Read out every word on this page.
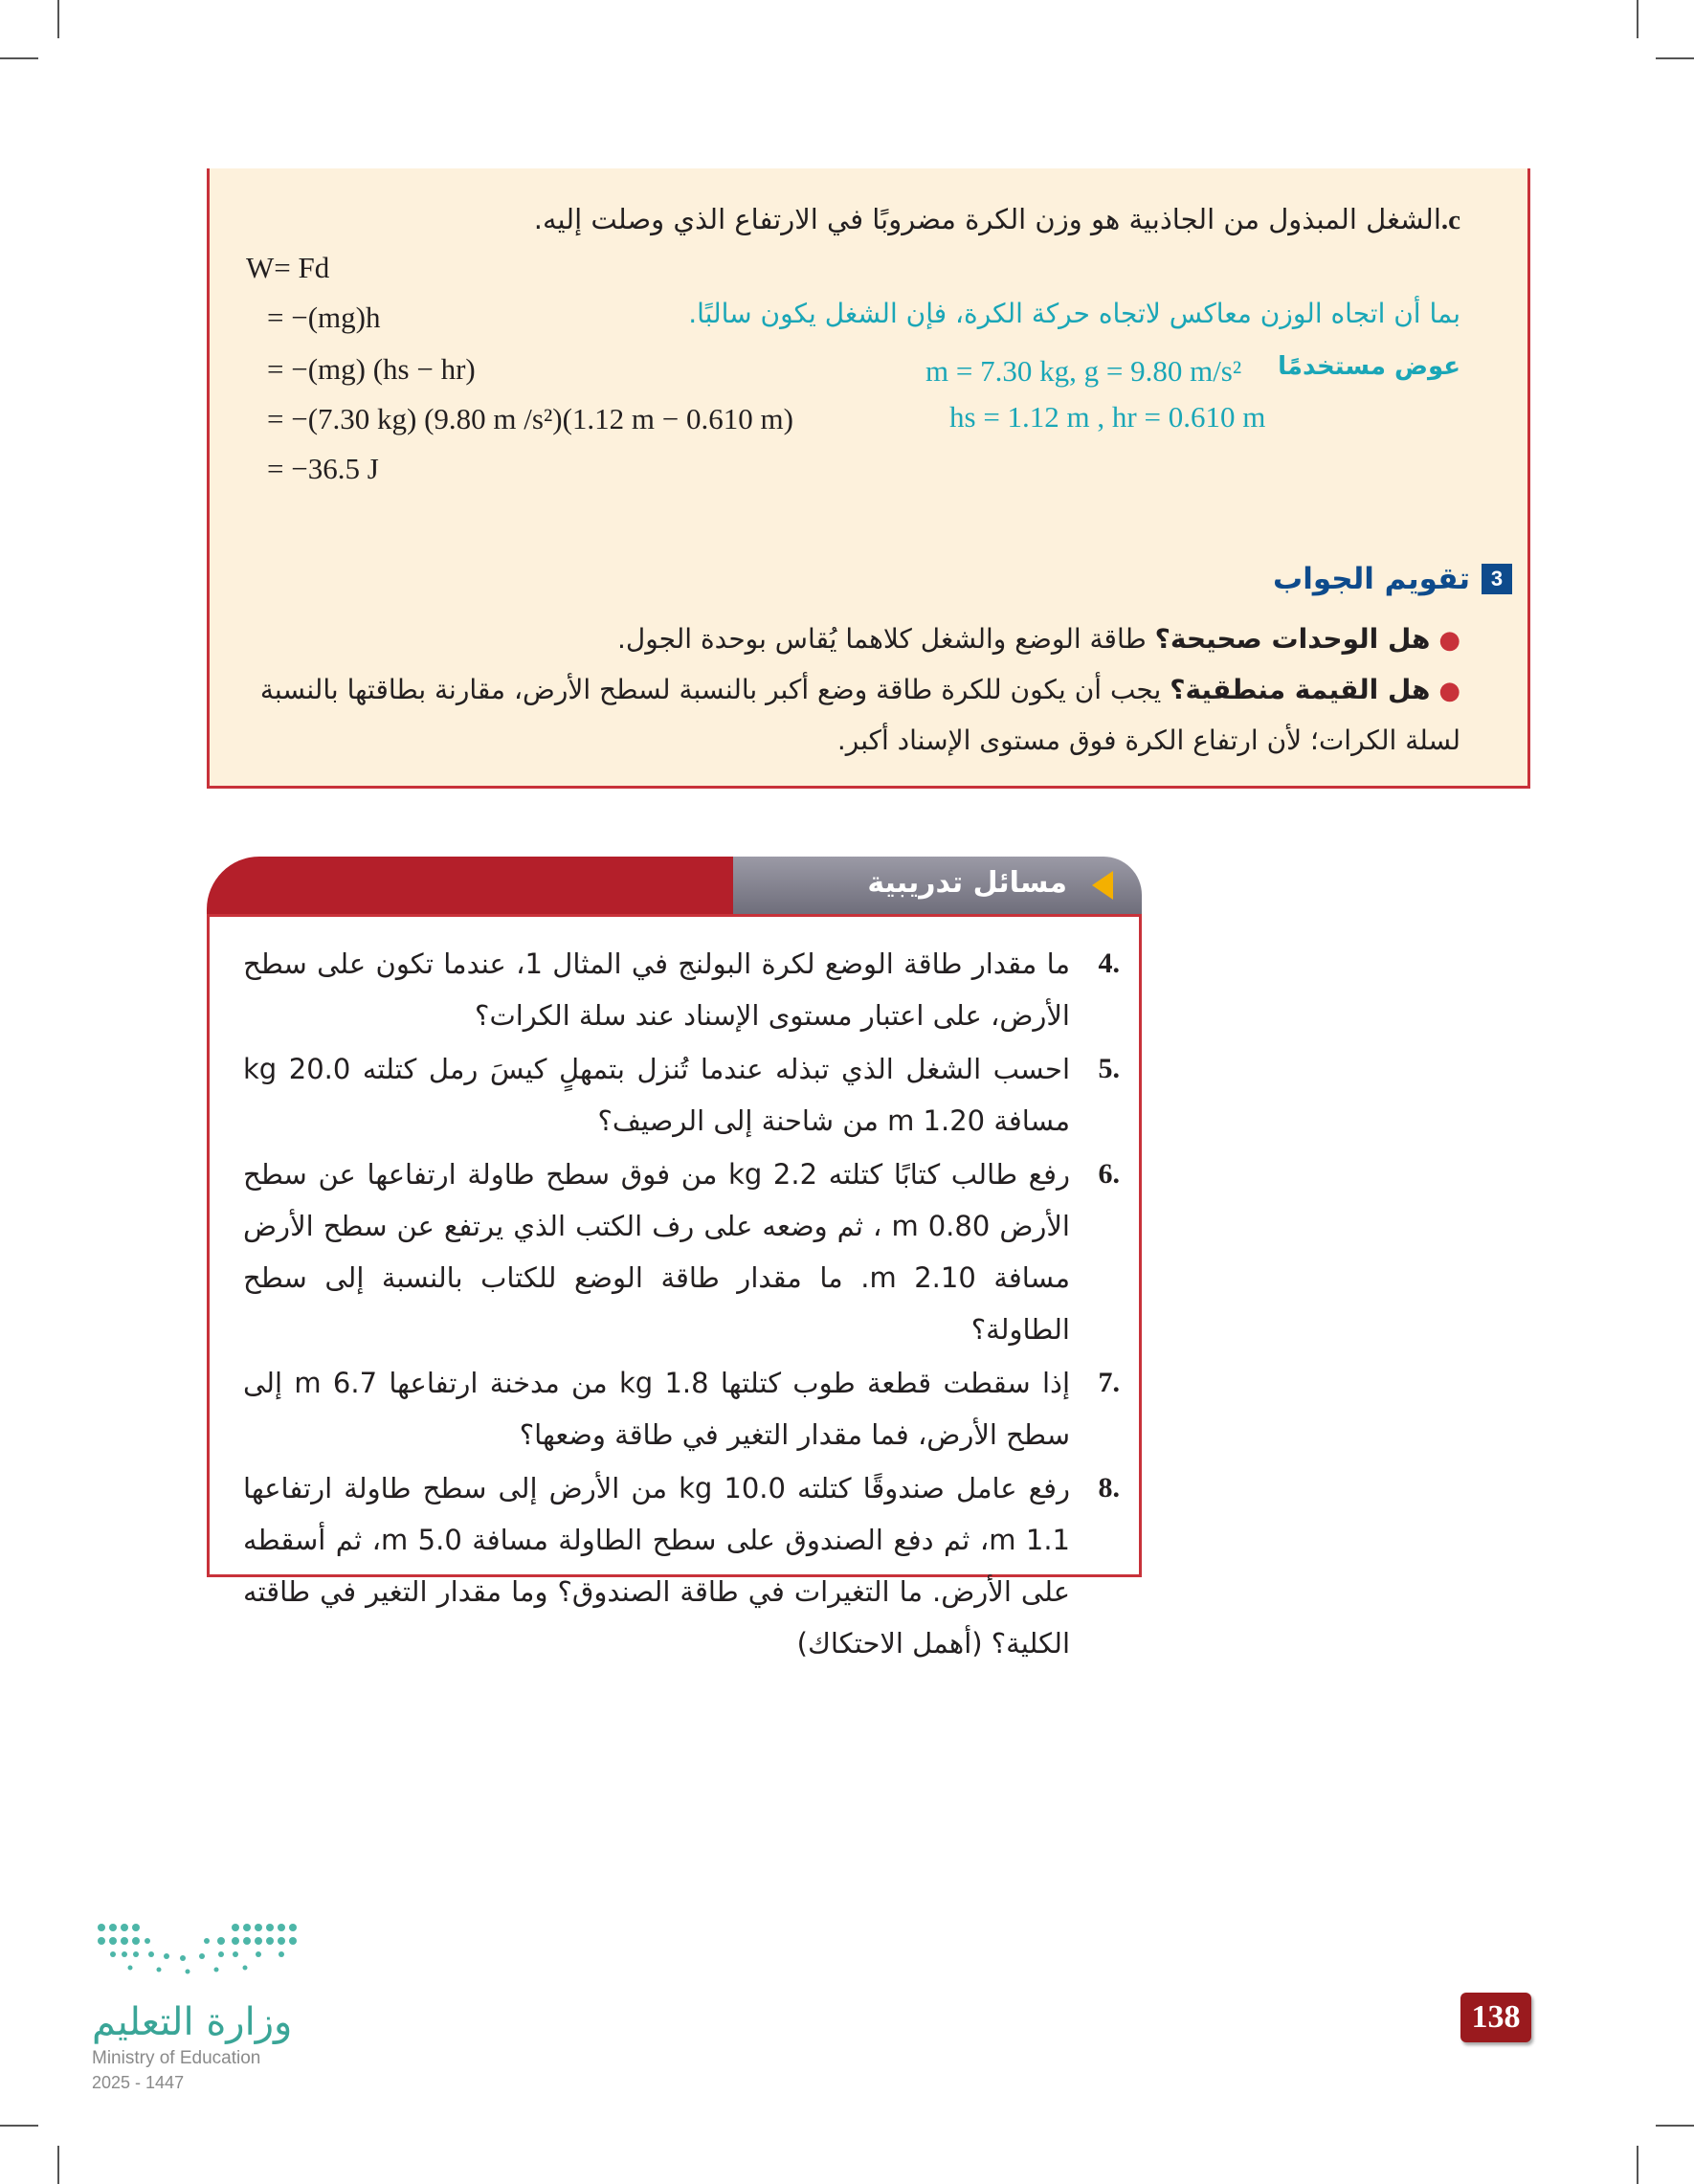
c.الشغل المبذول من الجاذبية هو وزن الكرة مضروبًا في الارتفاع الذي وصلت إليه.
W= Fd
= −(mg)h
= −(mg) (hs − hr)
= −(7.30 kg) (9.80 m /s²)(1.12 m − 0.610 m)
= −36.5 J
بما أن اتجاه الوزن معاكس لاتجاه حركة الكرة، فإن الشغل يكون سالبًا.
عوض مستخدمًا
m = 7.30 kg, g = 9.80 m/s²
hs = 1.12 m , hr = 0.610 m
3
تقويم الجواب
● هل الوحدات صحيحة؟ طاقة الوضع والشغل كلاهما يُقاس بوحدة الجول.
● هل القيمة منطقية؟ يجب أن يكون للكرة طاقة وضع أكبر بالنسبة لسطح الأرض، مقارنة بطاقتها بالنسبة لسلة الكرات؛ لأن ارتفاع الكرة فوق مستوى الإسناد أكبر.
مسائل تدريبية
.4
ما مقدار طاقة الوضع لكرة البولنج في المثال 1، عندما تكون على سطح الأرض، على اعتبار مستوى الإسناد عند سلة الكرات؟
.5
احسب الشغل الذي تبذله عندما تُنزل بتمهلٍ كيسَ رمل كتلته 20.0 kg مسافة 1.20 m من شاحنة إلى الرصيف؟
.6
رفع طالب كتابًا كتلته 2.2 kg من فوق سطح طاولة ارتفاعها عن سطح الأرض 0.80 m ، ثم وضعه على رف الكتب الذي يرتفع عن سطح الأرض مسافة 2.10 m. ما مقدار طاقة الوضع للكتاب بالنسبة إلى سطح الطاولة؟
.7
إذا سقطت قطعة طوب كتلتها 1.8 kg من مدخنة ارتفاعها 6.7 m إلى سطح الأرض، فما مقدار التغير في طاقة وضعها؟
.8
رفع عامل صندوقًا كتلته 10.0 kg من الأرض إلى سطح طاولة ارتفاعها 1.1 m، ثم دفع الصندوق على سطح الطاولة مسافة 5.0 m، ثم أسقطه على الأرض. ما التغيرات في طاقة الصندوق؟ وما مقدار التغير في طاقته الكلية؟ (أهمل الاحتكاك)
وزارة التعليم
Ministry of Education
2025 - 1447
138
